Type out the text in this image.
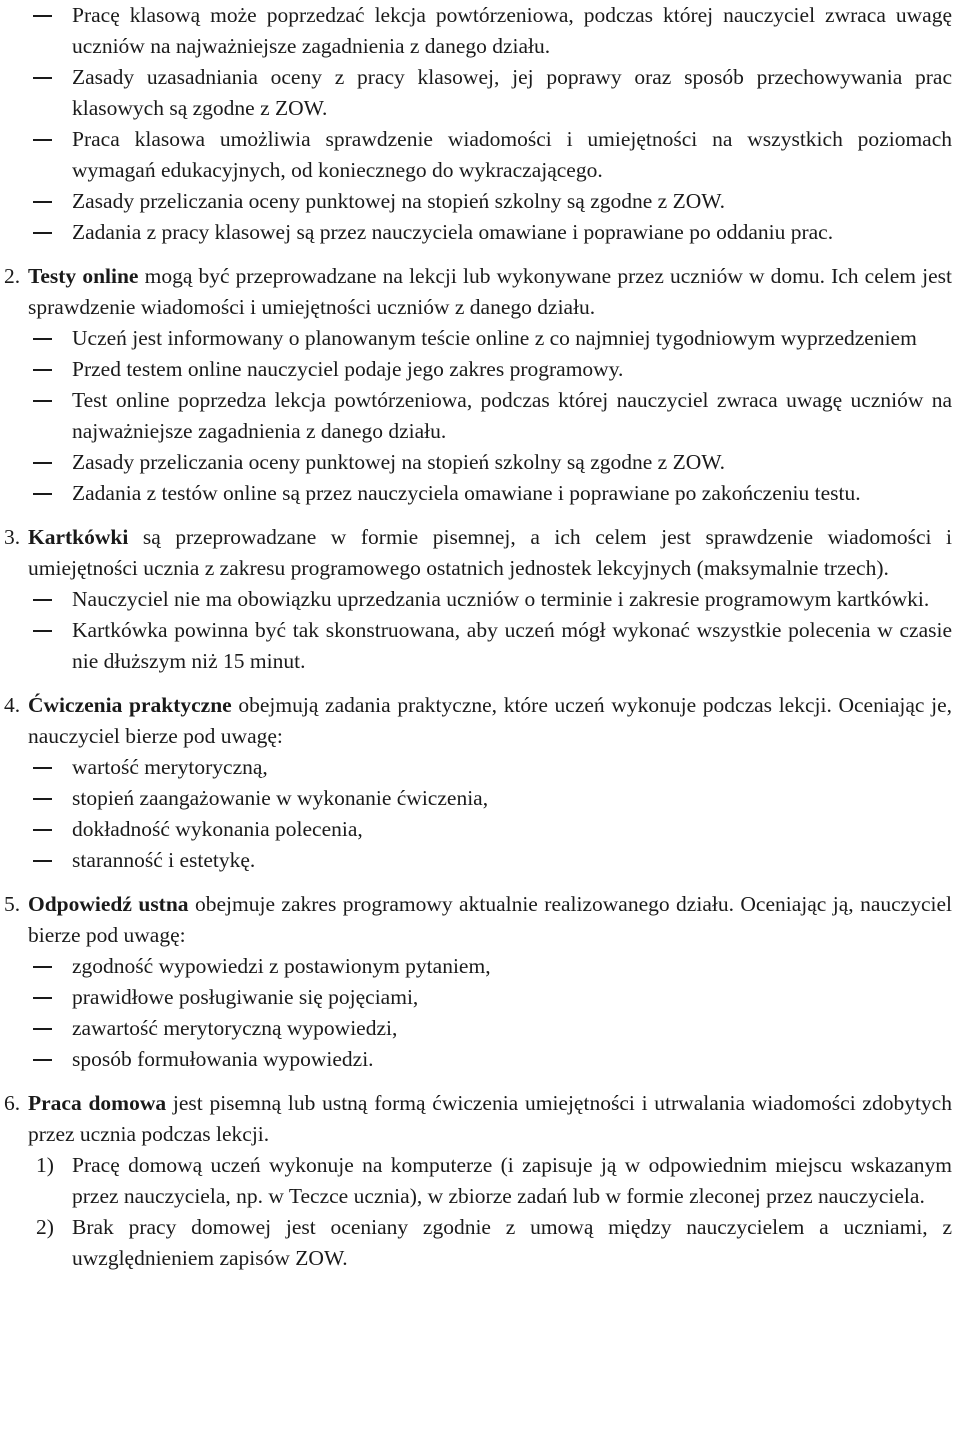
Pracę klasową może poprzedzać lekcja powtórzeniowa, podczas której nauczyciel zwraca uwagę uczniów na najważniejsze zagadnienia z danego działu.
Zasady uzasadniania oceny z pracy klasowej, jej poprawy oraz sposób przechowywania prac klasowych są zgodne z ZOW.
Praca klasowa umożliwia sprawdzenie wiadomości i umiejętności na wszystkich poziomach wymagań edukacyjnych, od koniecznego do wykraczającego.
Zasady przeliczania oceny punktowej na stopień szkolny są zgodne z ZOW.
Zadania z pracy klasowej są przez nauczyciela omawiane i poprawiane po oddaniu prac.
2. Testy online mogą być przeprowadzane na lekcji lub wykonywane przez uczniów w domu. Ich celem jest sprawdzenie wiadomości i umiejętności uczniów z danego działu.
Uczeń jest informowany o planowanym teście online z co najmniej tygodniowym wyprzedzeniem
Przed testem online nauczyciel podaje jego zakres programowy.
Test online poprzedza lekcja powtórzeniowa, podczas której nauczyciel zwraca uwagę uczniów na najważniejsze zagadnienia z danego działu.
Zasady przeliczania oceny punktowej na stopień szkolny są zgodne z ZOW.
Zadania z testów online są przez nauczyciela omawiane i poprawiane po zakończeniu testu.
3. Kartkówki są przeprowadzane w formie pisemnej, a ich celem jest sprawdzenie wiadomości i umiejętności ucznia z zakresu programowego ostatnich jednostek lekcyjnych (maksymalnie trzech).
Nauczyciel nie ma obowiązku uprzedzania uczniów o terminie i zakresie programowym kartkówki.
Kartkówka powinna być tak skonstruowana, aby uczeń mógł wykonać wszystkie polecenia w czasie nie dłuższym niż 15 minut.
4. Ćwiczenia praktyczne obejmują zadania praktyczne, które uczeń wykonuje podczas lekcji. Oceniając je, nauczyciel bierze pod uwagę:
wartość merytoryczną,
stopień zaangażowanie w wykonanie ćwiczenia,
dokładność wykonania polecenia,
staranność i estetykę.
5. Odpowiedź ustna obejmuje zakres programowy aktualnie realizowanego działu. Oceniając ją, nauczyciel bierze pod uwagę:
zgodność wypowiedzi z postawionym pytaniem,
prawidłowe posługiwanie się pojęciami,
zawartość merytoryczną wypowiedzi,
sposób formułowania wypowiedzi.
6. Praca domowa jest pisemną lub ustną formą ćwiczenia umiejętności i utrwalania wiadomości zdobytych przez ucznia podczas lekcji.
1) Pracę domową uczeń wykonuje na komputerze (i zapisuje ją w odpowiednim miejscu wskazanym przez nauczyciela, np. w Teczce ucznia), w zbiorze zadań lub w formie zleconej przez nauczyciela.
2) Brak pracy domowej jest oceniany zgodnie z umową między nauczycielem a uczniami, z uwzględnieniem zapisów ZOW.
